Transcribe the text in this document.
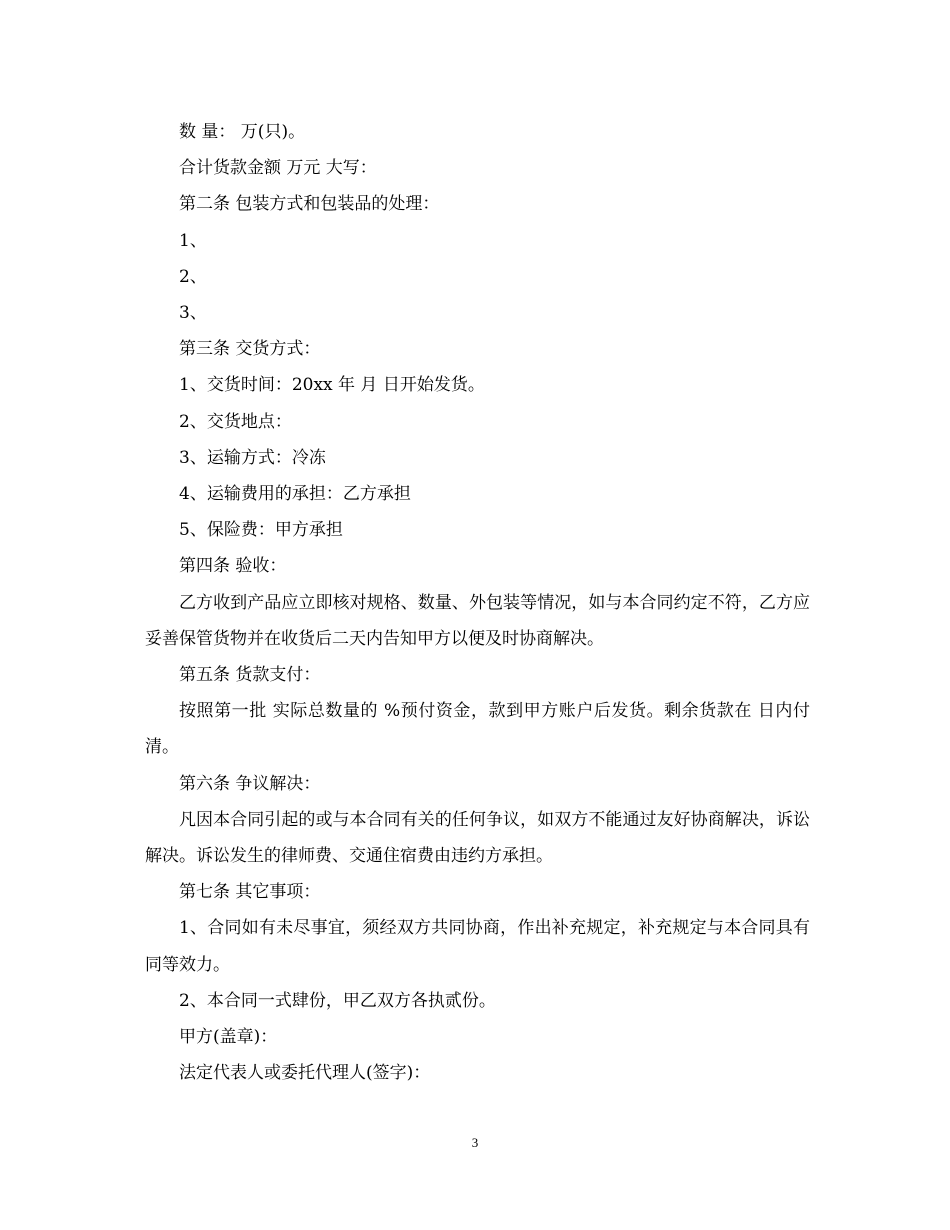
数 量： 万(只)。

合计货款金额 万元 大写：

第二条 包装方式和包装品的处理：

1、

2、

3、

第三条 交货方式：

1、交货时间：20xx 年 月 日开始发货。

2、交货地点：

3、运输方式：冷冻

4、运输费用的承担：乙方承担

5、保险费：甲方承担

第四条 验收：

乙方收到产品应立即核对规格、数量、外包装等情况，如与本合同约定不符，乙方应妥善保管货物并在收货后二天内告知甲方以便及时协商解决。

第五条 货款支付：

按照第一批 实际总数量的 %预付资金，款到甲方账户后发货。剩余货款在 日内付清。

第六条 争议解决：

凡因本合同引起的或与本合同有关的任何争议，如双方不能通过友好协商解决，诉讼解决。诉讼发生的律师费、交通住宿费由违约方承担。

第七条 其它事项：

1、合同如有未尽事宜，须经双方共同协商，作出补充规定，补充规定与本合同具有同等效力。

2、本合同一式肆份，甲乙双方各执贰份。

甲方(盖章)：

法定代表人或委托代理人(签字)：

3
